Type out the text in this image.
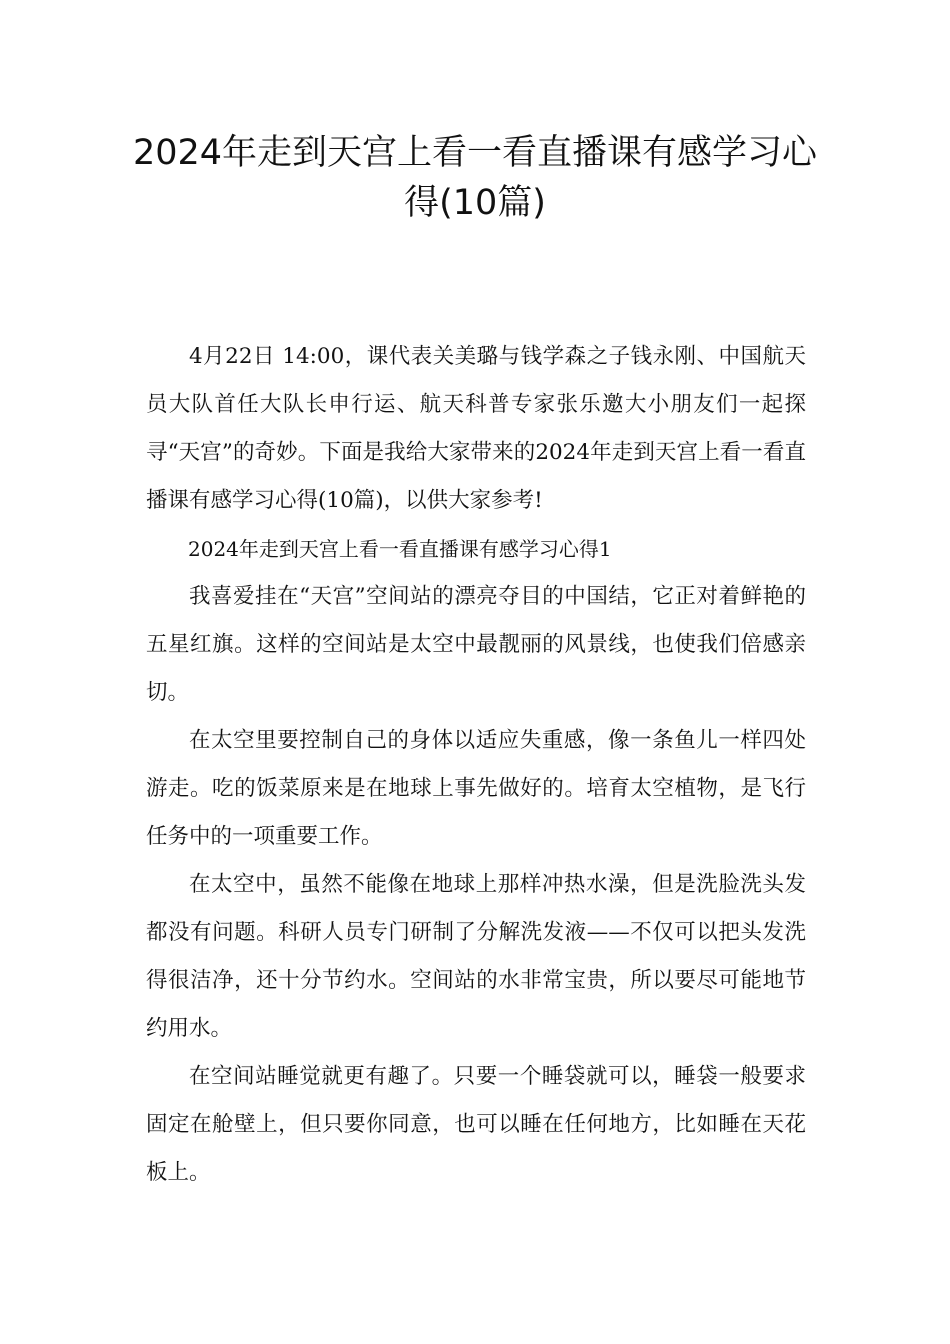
2024年走到天宫上看一看直播课有感学习心得(10篇)

4月22日 14:00，课代表关美璐与钱学森之子钱永刚、中国航天员大队首任大队长申行运、航天科普专家张乐邀大小朋友们一起探寻“天宫”的奇妙。下面是我给大家带来的2024年走到天宫上看一看直播课有感学习心得(10篇)，以供大家参考!

2024年走到天宫上看一看直播课有感学习心得1

我喜爱挂在“天宫”空间站的漂亮夺目的中国结，它正对着鲜艳的五星红旗。这样的空间站是太空中最靓丽的风景线，也使我们倍感亲切。

在太空里要控制自己的身体以适应失重感，像一条鱼儿一样四处游走。吃的饭菜原来是在地球上事先做好的。培育太空植物，是飞行任务中的一项重要工作。

在太空中，虽然不能像在地球上那样冲热水澡，但是洗脸洗头发都没有问题。科研人员专门研制了分解洗发液——不仅可以把头发洗得很洁净，还十分节约水。空间站的水非常宝贵，所以要尽可能地节约用水。

在空间站睡觉就更有趣了。只要一个睡袋就可以，睡袋一般要求固定在舱壁上，但只要你同意，也可以睡在任何地方，比如睡在天花板上。
